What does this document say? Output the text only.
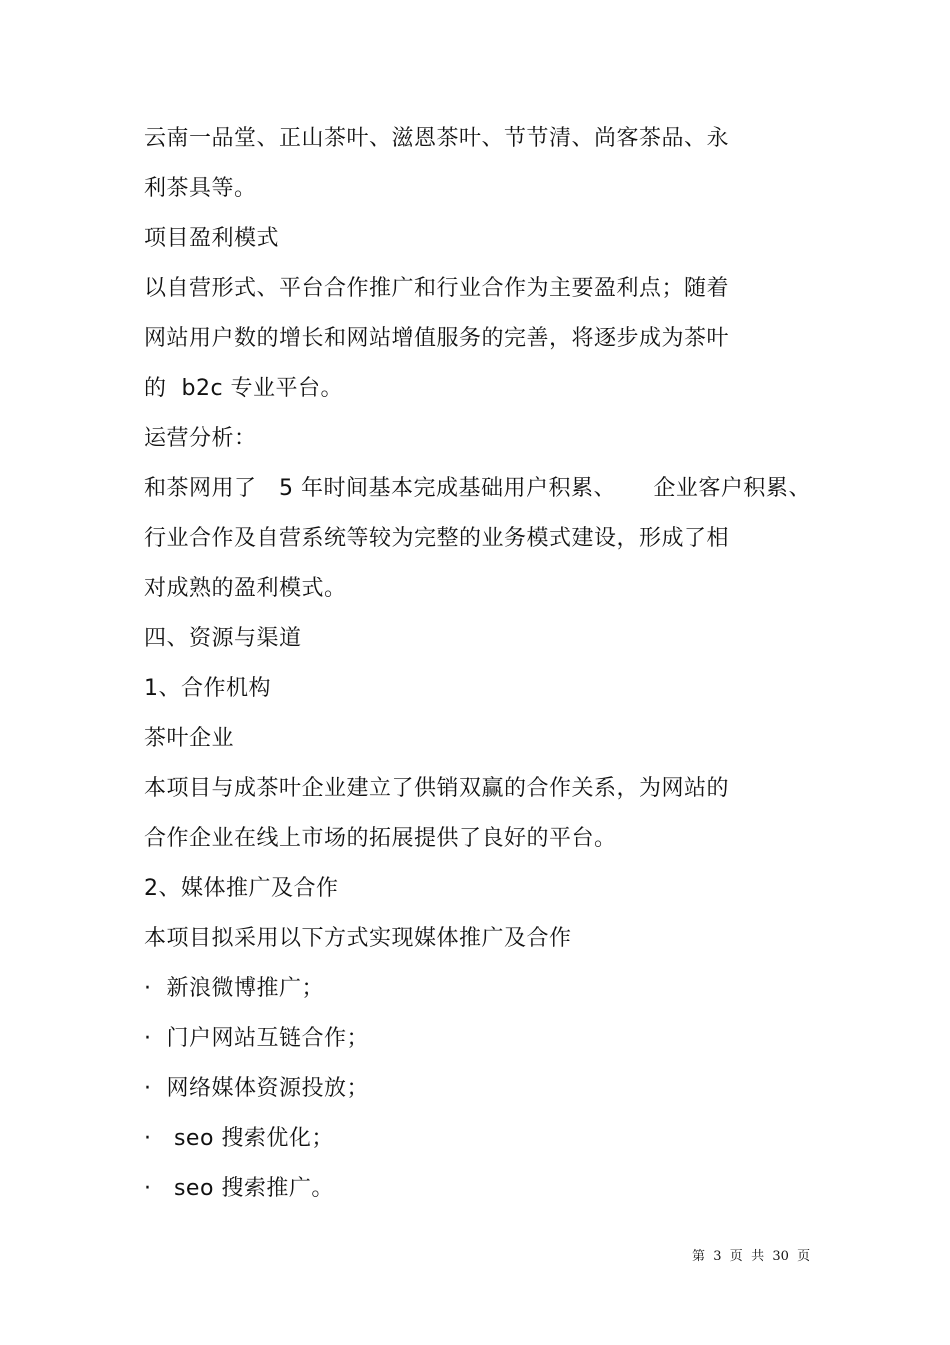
云南一品堂、正山茶叶、滋恩茶叶、节节清、尚客茶品、永
利茶具等。
项目盈利模式
以自营形式、平台合作推广和行业合作为主要盈利点；随着
网站用户数的增长和网站增值服务的完善，将逐步成为茶叶
的  b2c 专业平台。
运营分析：
和茶网用了   5 年时间基本完成基础用户积累、     企业客户积累、
行业合作及自营系统等较为完整的业务模式建设，形成了相
对成熟的盈利模式。
四、资源与渠道
1、合作机构
茶叶企业
本项目与成茶叶企业建立了供销双赢的合作关系，为网站的
合作企业在线上市场的拓展提供了良好的平台。
2、媒体推广及合作
本项目拟采用以下方式实现媒体推广及合作
·  新浪微博推广；
·  门户网站互链合作；
·  网络媒体资源投放；
·   seo 搜索优化；
·   seo 搜索推广。
第  3  页  共  30  页
